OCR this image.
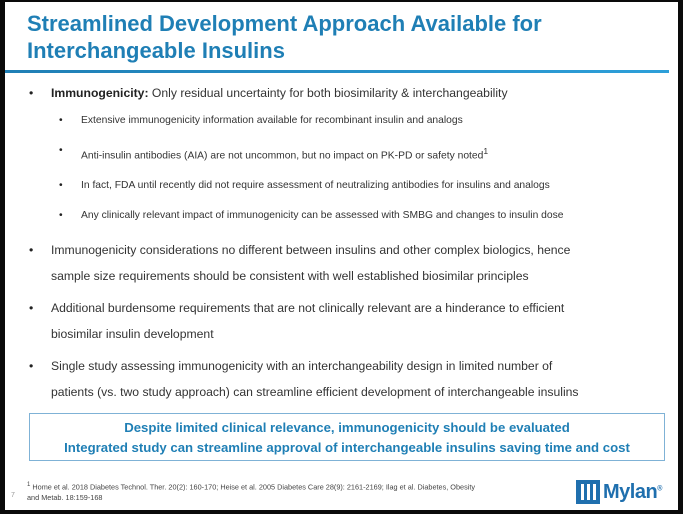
Streamlined Development Approach Available for
Interchangeable Insulins
• Immunogenicity: Only residual uncertainty for both biosimilarity & interchangeability
• Extensive immunogenicity information available for recombinant insulin and analogs
• Anti-insulin antibodies (AIA) are not uncommon, but no impact on PK-PD or safety noted$^1$
• In fact, FDA until recently did not require assessment of neutralizing antibodies for insulins and analogs
• Any clinically relevant impact of immunogenicity can be assessed with SMBG and changes to insulin dose
• Immunogenicity considerations no different between insulins and other complex biologics, hence
sample size requirements should be consistent with well established biosimilar principles
• Additional burdensome requirements that are not clinically relevant are a hinderance to efficient
biosimilar insulin development
• Single study assessing immunogenicity with an interchangeability design in limited number of
patients (vs. two study approach) can streamline efficient development of interchangeable insulins
Despite limited clinical relevance, immunogenicity should be evaluated
Integrated study can streamline approval of interchangeable insulins saving time and cost
7
$^1$ Home et al. 2018 Diabetes Technol. Ther. 20(2): 160-170; Heise et al. 2005 Diabetes Care 28(9): 2161-2169; Ilag et al. Diabetes, Obesity
and Metab. 18:159-168	Mylan®
